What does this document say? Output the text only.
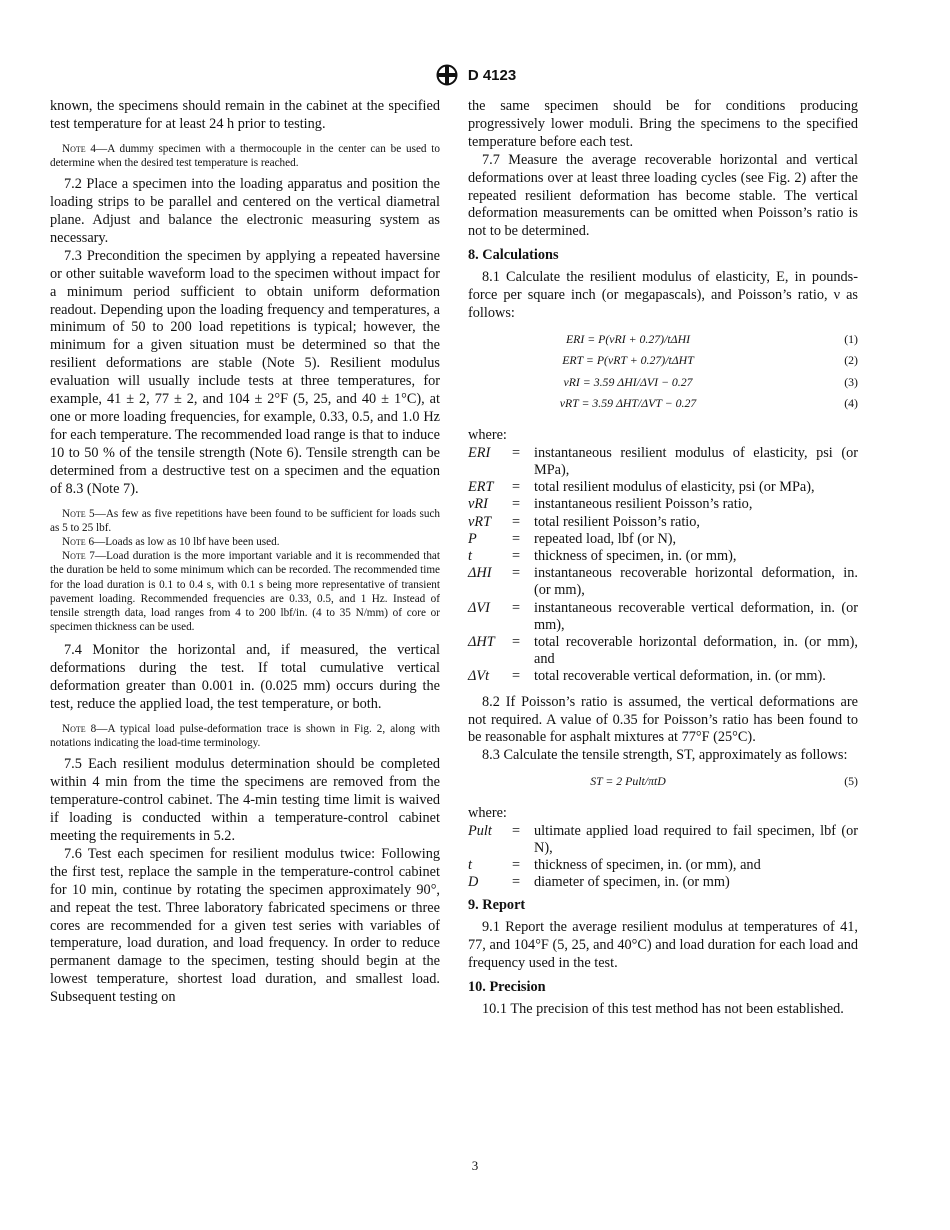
D 4123

known, the specimens should remain in the cabinet at the specified test temperature for at least 24 h prior to testing.

Note 4—A dummy specimen with a thermocouple in the center can be used to determine when the desired test temperature is reached.

7.2 Place a specimen into the loading apparatus and position the loading strips to be parallel and centered on the vertical diametral plane. Adjust and balance the electronic measuring system as necessary.

7.3 Precondition the specimen by applying a repeated haversine or other suitable waveform load to the specimen without impact for a minimum period sufficient to obtain uniform deformation readout. Depending upon the loading frequency and temperatures, a minimum of 50 to 200 load repetitions is typical; however, the minimum for a given situation must be determined so that the resilient deformations are stable (Note 5). Resilient modulus evaluation will usually include tests at three temperatures, for example, 41 ± 2, 77 ± 2, and 104 ± 2°F (5, 25, and 40 ± 1°C), at one or more loading frequencies, for example, 0.33, 0.5, and 1.0 Hz for each temperature. The recommended load range is that to induce 10 to 50 % of the tensile strength (Note 6). Tensile strength can be determined from a destructive test on a specimen and the equation of 8.3 (Note 7).

Note 5—As few as five repetitions have been found to be sufficient for loads such as 5 to 25 lbf.

Note 6—Loads as low as 10 lbf have been used.

Note 7—Load duration is the more important variable and it is recommended that the duration be held to some minimum which can be recorded. The recommended time for the load duration is 0.1 to 0.4 s, with 0.1 s being more representative of transient pavement loading. Recommended frequencies are 0.33, 0.5, and 1 Hz. Instead of tensile strength data, load ranges from 4 to 200 lbf/in. (4 to 35 N/mm) of core or specimen thickness can be used.

7.4 Monitor the horizontal and, if measured, the vertical deformations during the test. If total cumulative vertical deformation greater than 0.001 in. (0.025 mm) occurs during the test, reduce the applied load, the test temperature, or both.

Note 8—A typical load pulse-deformation trace is shown in Fig. 2, along with notations indicating the load-time terminology.

7.5 Each resilient modulus determination should be completed within 4 min from the time the specimens are removed from the temperature-control cabinet. The 4-min testing time limit is waived if loading is conducted within a temperature-control cabinet meeting the requirements in 5.2.

7.6 Test each specimen for resilient modulus twice: Following the first test, replace the sample in the temperature-control cabinet for 10 min, continue by rotating the specimen approximately 90°, and repeat the test. Three laboratory fabricated specimens or three cores are recommended for a given test series with variables of temperature, load duration, and load frequency. In order to reduce permanent damage to the specimen, testing should begin at the lowest temperature, shortest load duration, and smallest load. Subsequent testing on

the same specimen should be for conditions producing progressively lower moduli. Bring the specimens to the specified temperature before each test.

7.7 Measure the average recoverable horizontal and vertical deformations over at least three loading cycles (see Fig. 2) after the repeated resilient deformation has become stable. The vertical deformation measurements can be omitted when Poisson’s ratio is not to be determined.

8. Calculations

8.1 Calculate the resilient modulus of elasticity, E, in pounds-force per square inch (or megapascals), and Poisson’s ratio, ν as follows:

ERI = P(νRI + 0.27)/tΔHI	(1)
ERT = P(νRT + 0.27)/tΔHT	(2)
νRI = 3.59 ΔHI/ΔVI − 0.27	(3)
νRT = 3.59 ΔHT/ΔVT − 0.27	(4)

where:

ERI	=	instantaneous resilient modulus of elasticity, psi (or MPa),
ERT	=	total resilient modulus of elasticity, psi (or MPa),
νRI	=	instantaneous resilient Poisson’s ratio,
νRT	=	total resilient Poisson’s ratio,
P	=	repeated load, lbf (or N),
t	=	thickness of specimen, in. (or mm),
ΔHI	=	instantaneous recoverable horizontal deformation, in. (or mm),
ΔVI	=	instantaneous recoverable vertical deformation, in. (or mm),
ΔHT	=	total recoverable horizontal deformation, in. (or mm), and
ΔVt	=	total recoverable vertical deformation, in. (or mm).

8.2 If Poisson’s ratio is assumed, the vertical deformations are not required. A value of 0.35 for Poisson’s ratio has been found to be reasonable for asphalt mixtures at 77°F (25°C).

8.3 Calculate the tensile strength, ST, approximately as follows:

ST = 2 Pult/πtD	(5)

where:

Pult	=	ultimate applied load required to fail specimen, lbf (or N),
t	=	thickness of specimen, in. (or mm), and
D	=	diameter of specimen, in. (or mm)
9. Report

9.1 Report the average resilient modulus at temperatures of 41, 77, and 104°F (5, 25, and 40°C) and load duration for each load and frequency used in the test.

10. Precision

10.1 The precision of this test method has not been established.

3
